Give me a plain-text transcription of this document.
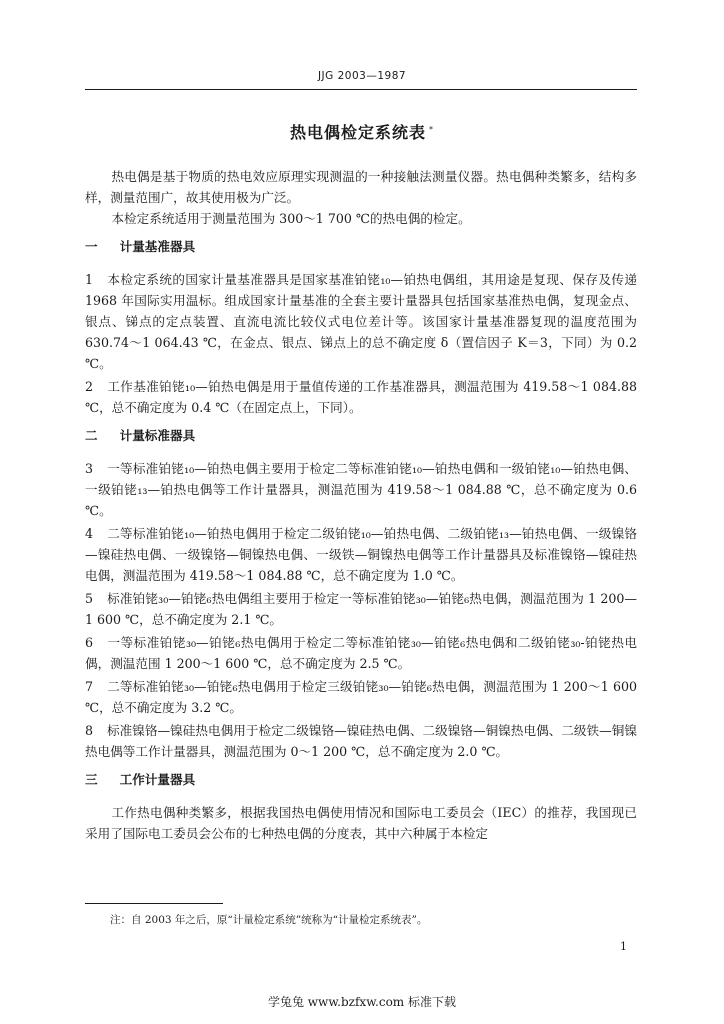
JJG 2003—1987
热电偶检定系统表 *

热电偶是基于物质的热电效应原理实现测温的一种接触法测量仪器。热电偶种类繁多，结构多样，测量范围广，故其使用极为广泛。

本检定系统适用于测量范围为 300～1 700 ℃的热电偶的检定。

一 计量基准器具

1 本检定系统的国家计量基准器具是国家基准铂铑₁₀—铂热电偶组，其用途是复现、保存及传递 1968 年国际实用温标。组成国家计量基准的全套主要计量器具包括国家基准热电偶，复现金点、银点、锑点的定点装置、直流电流比较仪式电位差计等。该国家计量基准器复现的温度范围为 630.74～1 064.43 ℃，在金点、银点、锑点上的总不确定度 δ（置信因子 K＝3，下同）为 0.2 ℃。

2 工作基准铂铑₁₀—铂热电偶是用于量值传递的工作基准器具，测温范围为 419.58～1 084.88 ℃，总不确定度为 0.4 ℃（在固定点上，下同）。

二 计量标准器具

3 一等标准铂铑₁₀—铂热电偶主要用于检定二等标准铂铑₁₀—铂热电偶和一级铂铑₁₀—铂热电偶、一级铂铑₁₃—铂热电偶等工作计量器具，测温范围为 419.58～1 084.88 ℃，总不确定度为 0.6 ℃。

4 二等标准铂铑₁₀—铂热电偶用于检定二级铂铑₁₀—铂热电偶、二级铂铑₁₃—铂热电偶、一级镍铬—镍硅热电偶、一级镍铬—铜镍热电偶、一级铁—铜镍热电偶等工作计量器具及标准镍铬—镍硅热电偶，测温范围为 419.58～1 084.88 ℃，总不确定度为 1.0 ℃。

5 标准铂铑₃₀—铂铑₆热电偶组主要用于检定一等标准铂铑₃₀—铂铑₆热电偶，测温范围为 1 200—1 600 ℃，总不确定度为 2.1 ℃。

6 一等标准铂铑₃₀—铂铑₆热电偶用于检定二等标准铂铑₃₀—铂铑₆热电偶和二级铂铑₃₀-铂铑热电偶，测温范围 1 200～1 600 ℃，总不确定度为 2.5 ℃。

7 二等标准铂铑₃₀—铂铑₆热电偶用于检定三级铂铑₃₀—铂铑₆热电偶，测温范围为 1 200～1 600 ℃，总不确定度为 3.2 ℃。

8 标准镍铬—镍硅热电偶用于检定二级镍铬—镍硅热电偶、二级镍铬—铜镍热电偶、二级铁—铜镍热电偶等工作计量器具，测温范围为 0～1 200 ℃，总不确定度为 2.0 ℃。

三 工作计量器具

工作热电偶种类繁多，根据我国热电偶使用情况和国际电工委员会（IEC）的推荐，我国现已采用了国际电工委员会公布的七种热电偶的分度表，其中六种属于本检定

注：自 2003 年之后，原“计量检定系统”统称为“计量检定系统表”。
1
学兔兔 www.bzfxw.com 标准下载
